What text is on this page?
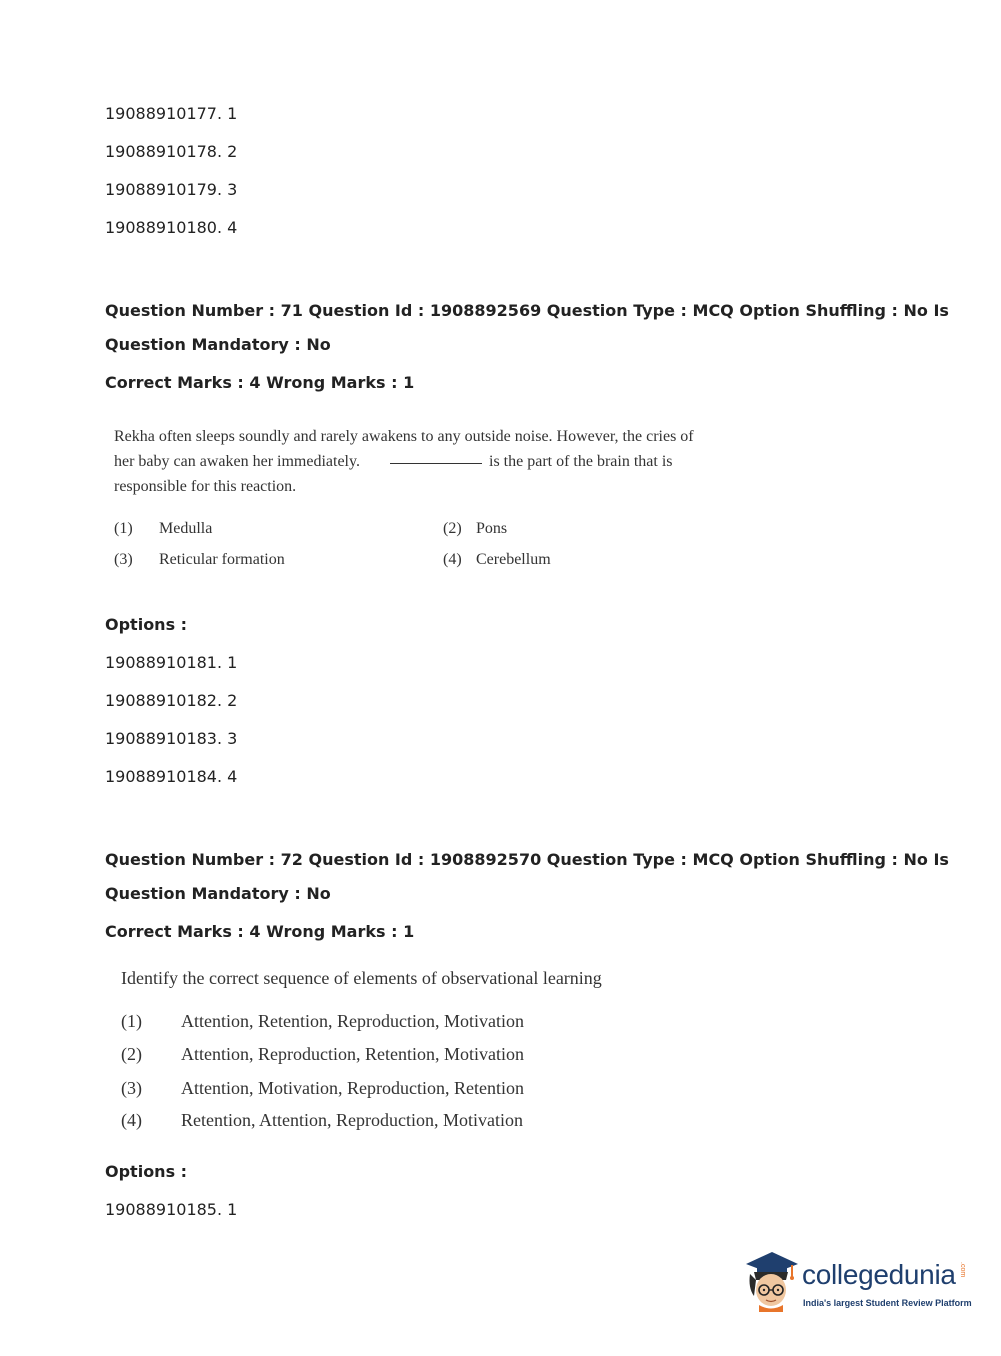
19088910177. 1
19088910178. 2
19088910179. 3
19088910180. 4
Question Number : 71 Question Id : 1908892569 Question Type : MCQ Option Shuffling : No Is
Question Mandatory : No
Correct Marks : 4 Wrong Marks : 1
Rekha often sleeps soundly and rarely awakens to any outside noise. However, the cries of
her baby can awaken her immediately.	is the part of the brain that is
responsible for this reaction.
(1) Medulla	(2) Pons
(3) Reticular formation	(4) Cerebellum
Options :
19088910181. 1
19088910182. 2
19088910183. 3
19088910184. 4
Question Number : 72 Question Id : 1908892570 Question Type : MCQ Option Shuffling : No Is
Question Mandatory : No
Correct Marks : 4 Wrong Marks : 1
Identify the correct sequence of elements of observational learning
(1) Attention, Retention, Reproduction, Motivation
(2) Attention, Reproduction, Retention, Motivation
(3) Attention, Motivation, Reproduction, Retention
(4) Retention, Attention, Reproduction, Motivation
Options :
19088910185. 1
collegedunia .com
India's largest Student Review Platform
